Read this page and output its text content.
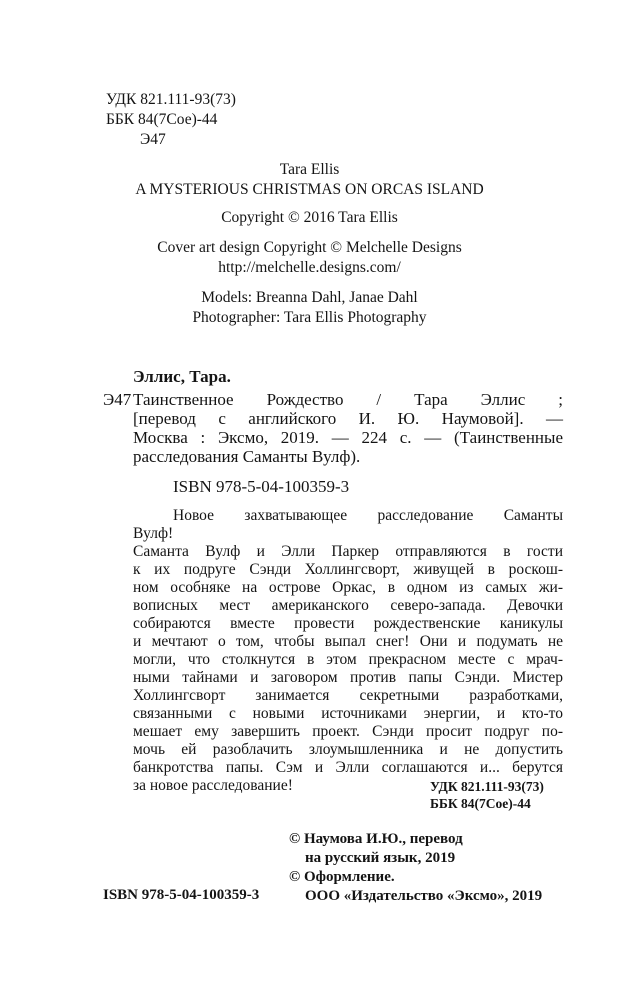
УДК 821.111-93(73)
ББК 84(7Сое)-44
Э47
Tara Ellis
A MYSTERIOUS CHRISTMAS ON ORCAS ISLAND
Copyright © 2016 Tara Ellis
Cover art design Copyright © Melchelle Designs
http://melchelle.designs.com/
Models: Breanna Dahl, Janae Dahl
Photographer: Tara Ellis Photography
Эллис, Тара.
Э47 Таинственное Рождество / Тара Эллис ;
[перевод с английского И. Ю. Наумовой]. —
Москва : Эксмо, 2019. — 224 с. — (Таинственные
расследования Саманты Вулф).
ISBN 978-5-04-100359-3
Новое захватывающее расследование Саманты
Вулф!
Саманта Вулф и Элли Паркер отправляются в гости
к их подруге Сэнди Холлингсворт, живущей в роскош-
ном особняке на острове Оркас, в одном из самых жи-
вописных мест американского северо-запада. Девочки
собираются вместе провести рождественские каникулы
и мечтают о том, чтобы выпал снег! Они и подумать не
могли, что столкнутся в этом прекрасном месте с мрач-
ными тайнами и заговором против папы Сэнди. Мистер
Холлингсворт занимается секретными разработками,
связанными с новыми источниками энергии, и кто-то
мешает ему завершить проект. Сэнди просит подруг по-
мочь ей разоблачить злоумышленника и не допустить
банкротства папы. Сэм и Элли соглашаются и... берутся
за новое расследование!	УДК 821.111-93(73)
ББК 84(7Сое)-44
© Наумова И.Ю., перевод
на русский язык, 2019
© Оформление.
ООО «Издательство «Эксмо», 2019
ISBN 978-5-04-100359-3
